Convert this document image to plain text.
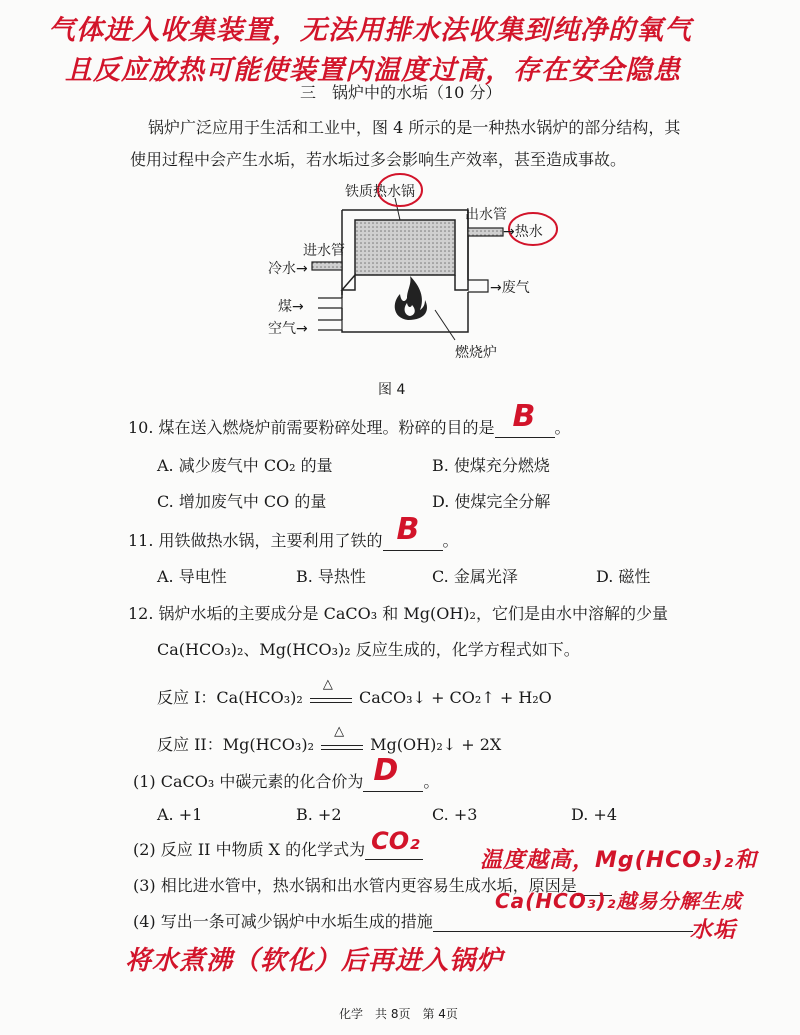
气体进入收集装置，无法用排水法收集到纯净的氧气
且反应放热可能使装置内温度过高，存在安全隐患
三　锅炉中的水垢（10 分）
锅炉广泛应用于生活和工业中，图 4 所示的是一种热水锅炉的部分结构，其
使用过程中会产生水垢，若水垢过多会影响生产效率，甚至造成事故。
铁质热水锅
出水管
→热水
进水管
冷水→
煤→
空气→
→废气
燃烧炉
图 4
10. 煤在送入燃烧炉前需要粉碎处理。粉碎的目的是 B 。
A. 减少废气中 CO₂ 的量	B. 使煤充分燃烧
C. 增加废气中 CO 的量	D. 使煤完全分解
11. 用铁做热水锅，主要利用了铁的 B 。
A. 导电性	B. 导热性	C. 金属光泽	D. 磁性
12. 锅炉水垢的主要成分是 CaCO₃ 和 Mg(OH)₂，它们是由水中溶解的少量
Ca(HCO₃)₂、Mg(HCO₃)₂ 反应生成的，化学方程式如下。
反应 I：Ca(HCO₃)₂
△
CaCO₃↓ + CO₂↑ + H₂O
反应 II：Mg(HCO₃)₂
△
Mg(OH)₂↓ + 2X
(1) CaCO₃ 中碳元素的化合价为 D 。
A. +1	B. +2	C. +3	D. +4
(2) 反应 II 中物质 X 的化学式为 CO₂
(3) 相比进水管中，热水锅和出水管内更容易生成水垢，原因是
(4) 写出一条可减少锅炉中水垢生成的措施
温度越高，Mg(HCO₃)₂和
Ca(HCO₃)₂越易分解生成
水垢
将水煮沸（软化）后再进入锅炉
化学　共 8页　第 4页
